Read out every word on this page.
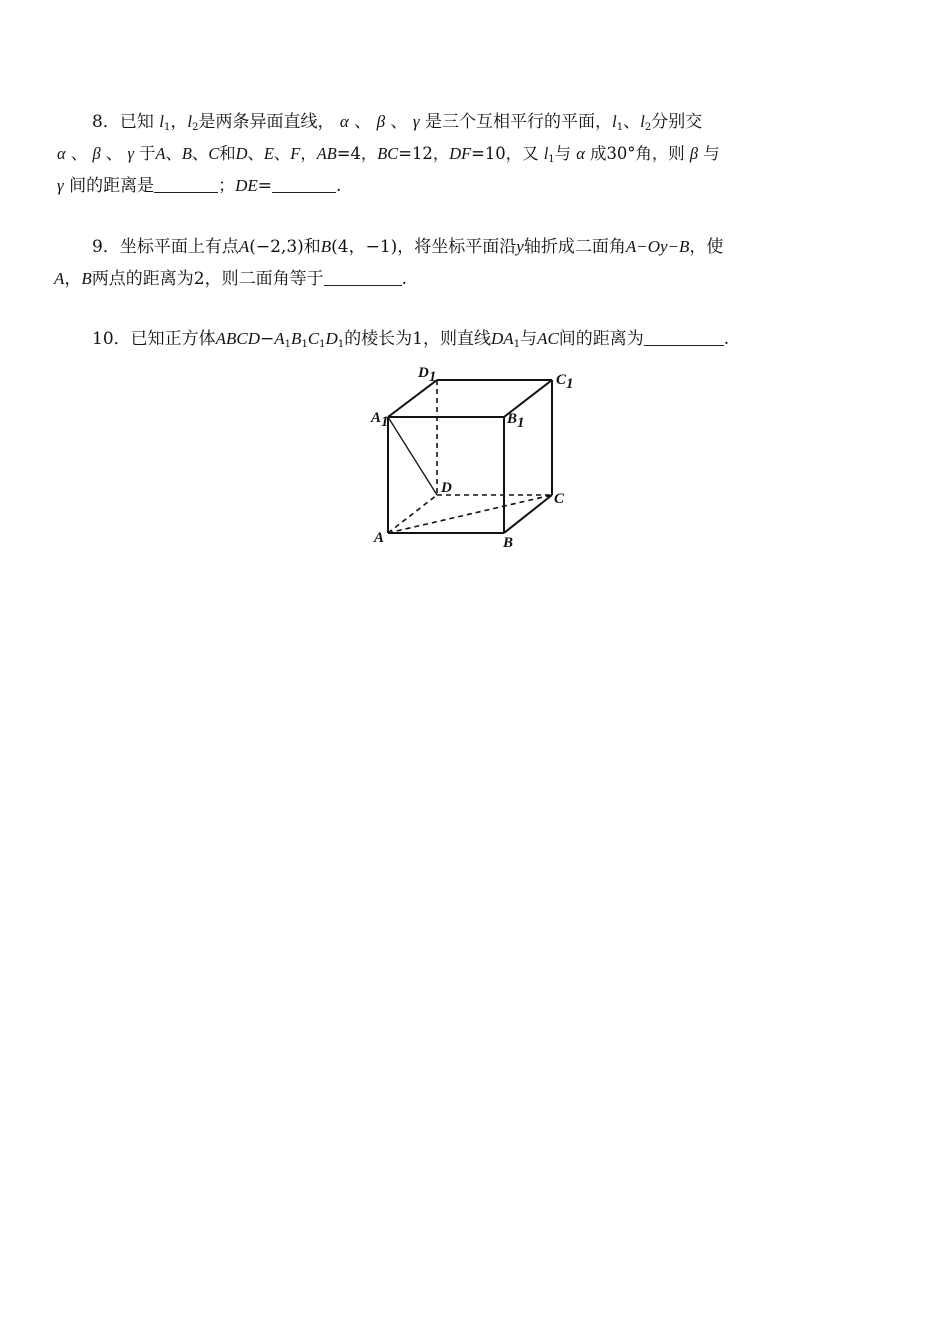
8．已知 $l_1$，$l_2$是两条异面直线， α 、 β 、 γ 是三个互相平行的平面，$l_1$、$l_2$分别交
α 、 β 、 γ 于A、B、C和D、E、F，AB=4，BC=12，DF=10，又 $l_1$与 α 成30°角，则 β 与
γ 间的距离是	；DE=	.
9．坐标平面上有点A(−2,3)和B(4，−1)，将坐标平面沿y轴折成二面角A−Oy−B，使
A，B两点的距离为2，则二面角等于	.
10．已知正方体$ABCD-A_1B_1C_1D_1$的棱长为1，则直线$DA_1$与AC间的距离为	.
D1	C1
A1	B1
D
C
A	B
